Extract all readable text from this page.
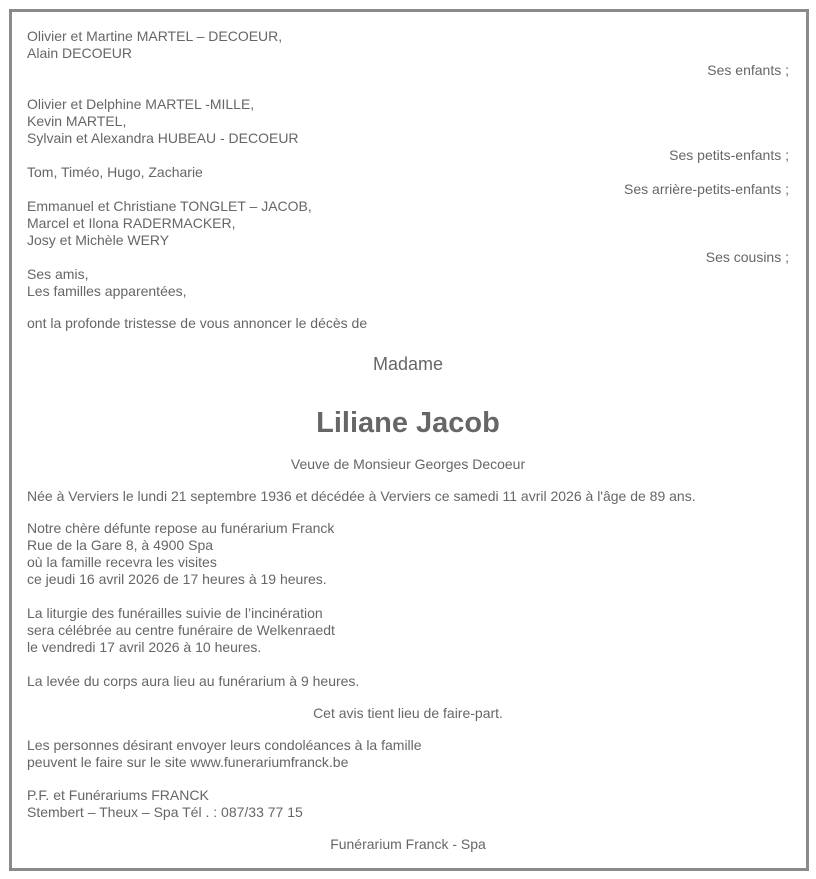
Olivier et Martine MARTEL – DECOEUR,
Alain DECOEUR
Ses enfants ;
Olivier et Delphine MARTEL -MILLE,
Kevin MARTEL,
Sylvain et Alexandra HUBEAU - DECOEUR
Ses petits-enfants ;
Tom, Timéo, Hugo, Zacharie
Ses arrière-petits-enfants ;
Emmanuel et Christiane TONGLET – JACOB,
Marcel et Ilona RADERMACKER,
Josy et Michèle WERY
Ses cousins ;
Ses amis,
Les familles apparentées,
ont la profonde tristesse de vous annoncer le décès de
Madame
Liliane Jacob
Veuve de Monsieur Georges Decoeur
Née à Verviers le lundi 21 septembre 1936 et décédée à Verviers ce samedi 11 avril 2026 à l'âge de 89 ans.
Notre chère défunte repose au funérarium Franck
Rue de la Gare 8, à 4900 Spa
où la famille recevra les visites
ce jeudi 16 avril 2026 de 17 heures à 19 heures.
La liturgie des funérailles suivie de l’incinération
sera célébrée au centre funéraire de Welkenraedt
le vendredi 17 avril 2026 à 10 heures.
La levée du corps aura lieu au funérarium à 9 heures.
Cet avis tient lieu de faire-part.
Les personnes désirant envoyer leurs condoléances à la famille
peuvent le faire sur le site www.funerariumfranck.be
P.F. et Funérariums FRANCK
Stembert – Theux – Spa Tél . : 087/33 77 15
Funérarium Franck - Spa
